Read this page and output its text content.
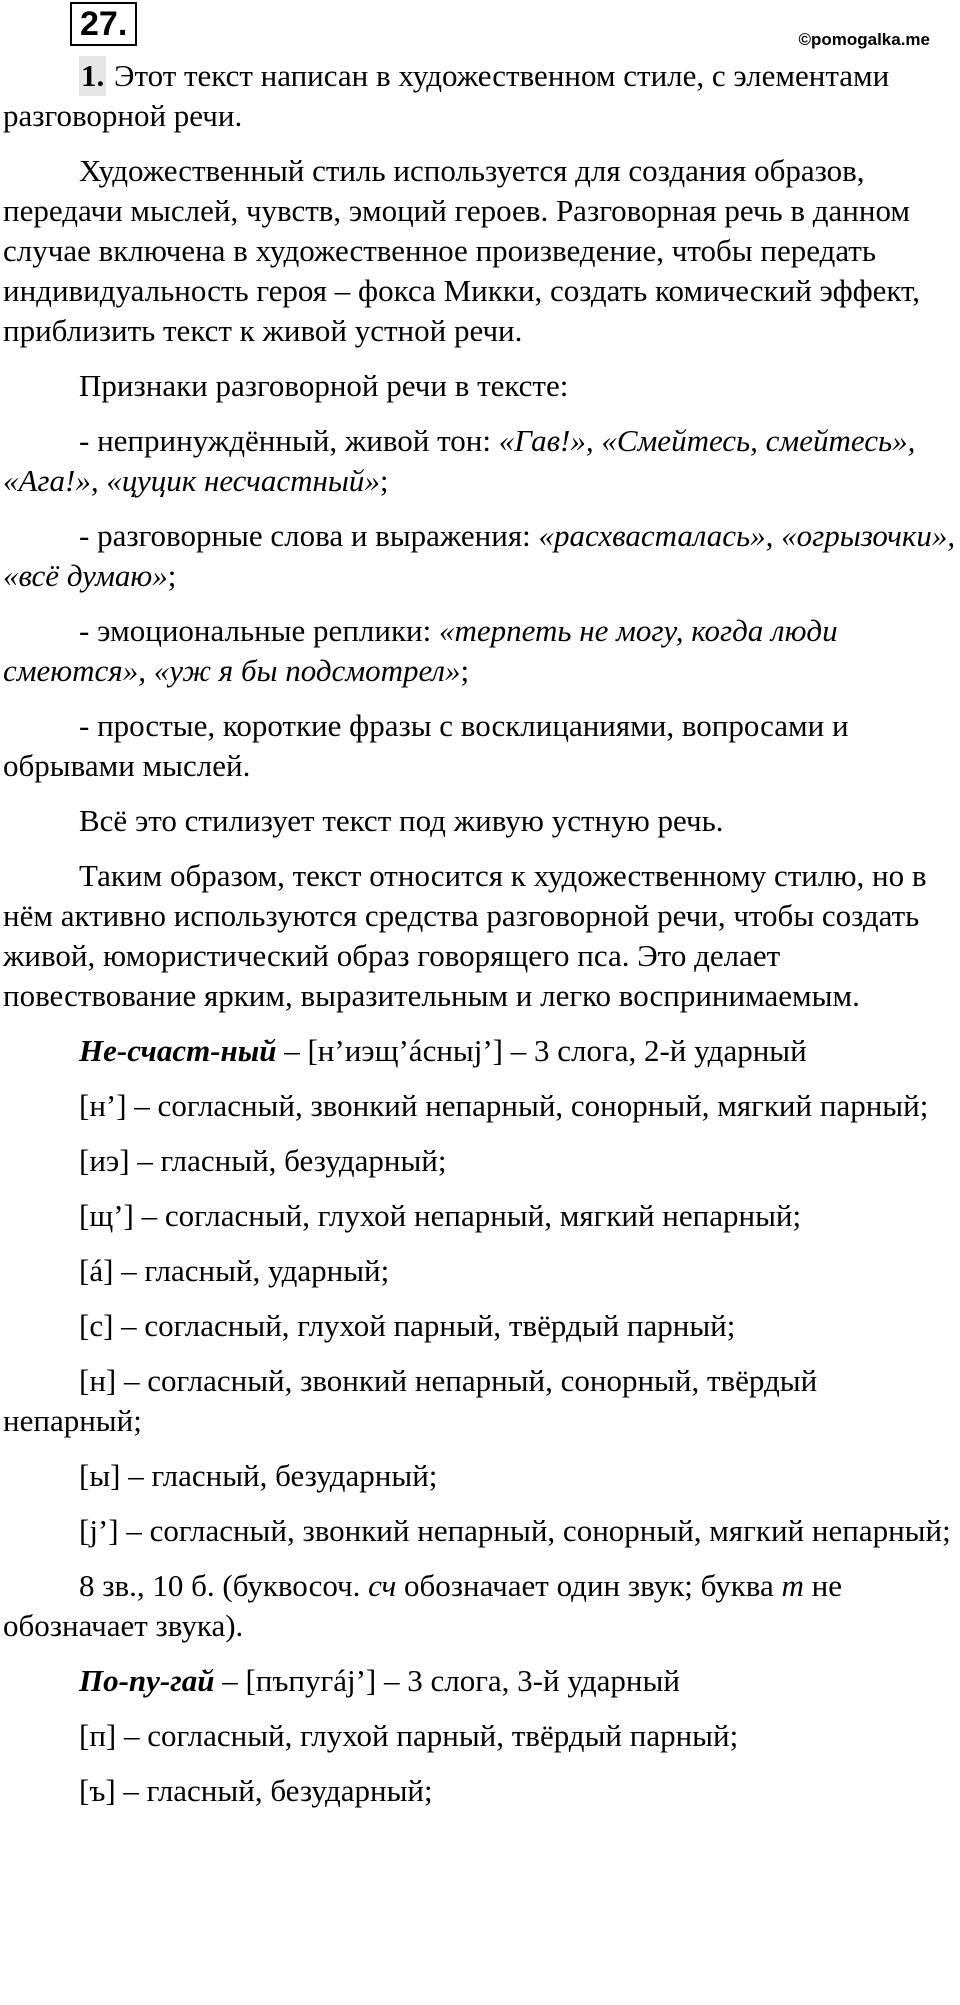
27.	©pomogalka.me

1. Этот текст написан в художественном стиле, с элементами разговорной речи.

Художественный стиль используется для создания образов, передачи мыслей, чувств, эмоций героев. Разговорная речь в данном случае включена в художественное произведение, чтобы передать индивидуальность героя – фокса Микки, создать комический эффект, приблизить текст к живой устной речи.

Признаки разговорной речи в тексте:

- непринуждённый, живой тон: «Гав!», «Смейтесь, смейтесь», «Ага!», «цуцик несчастный»;

- разговорные слова и выражения: «расхвасталась», «огрызочки», «всё думаю»;

- эмоциональные реплики: «терпеть не могу, когда люди смеются», «уж я бы подсмотрел»;

- простые, короткие фразы с восклицаниями, вопросами и обрывами мыслей.

Всё это стилизует текст под живую устную речь.

Таким образом, текст относится к художественному стилю, но в нём активно используются средства разговорной речи, чтобы создать живой, юмористический образ говорящего пса. Это делает повествование ярким, выразительным и легко воспринимаемым.

Не-счаст-ный – [н’иэщ’áсныj’] – 3 слога, 2-й ударный

[н’] – согласный, звонкий непарный, сонорный, мягкий парный;

[иэ] – гласный, безударный;

[щ’] – согласный, глухой непарный, мягкий непарный;

[á] – гласный, ударный;

[с] – согласный, глухой парный, твёрдый парный;

[н] – согласный, звонкий непарный, сонорный, твёрдый непарный;

[ы] – гласный, безударный;

[j’] – согласный, звонкий непарный, сонорный, мягкий непарный;

8 зв., 10 б. (буквосоч. сч обозначает один звук; буква т не обозначает звука).

По-пу-гай – [пъпугáj’] – 3 слога, 3-й ударный

[п] – согласный, глухой парный, твёрдый парный;

[ъ] – гласный, безударный;
